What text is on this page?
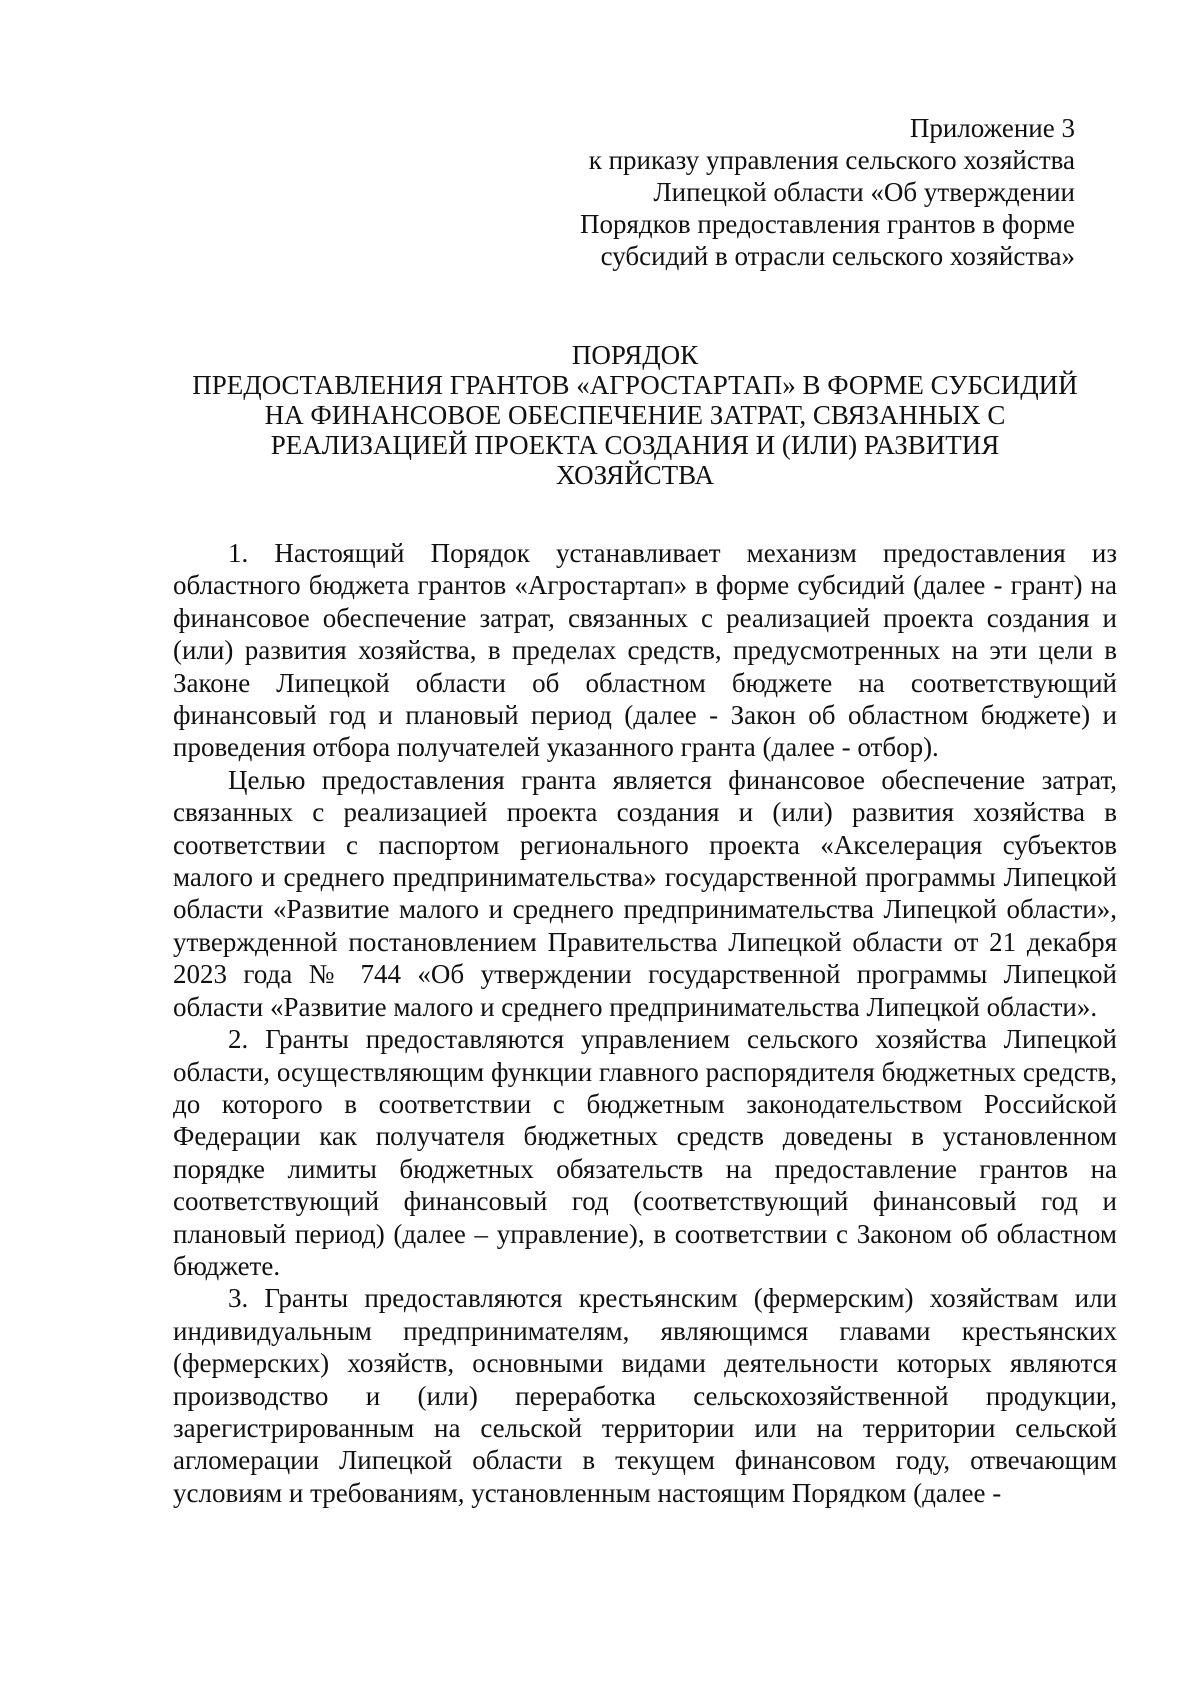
Приложение 3
к приказу управления сельского хозяйства
Липецкой области «Об утверждении
Порядков предоставления грантов в форме
субсидий в отрасли сельского хозяйства»
ПОРЯДОК
ПРЕДОСТАВЛЕНИЯ ГРАНТОВ «АГРОСТАРТАП» В ФОРМЕ СУБСИДИЙ
НА ФИНАНСОВОЕ ОБЕСПЕЧЕНИЕ ЗАТРАТ, СВЯЗАННЫХ С
РЕАЛИЗАЦИЕЙ ПРОЕКТА СОЗДАНИЯ И (ИЛИ) РАЗВИТИЯ
ХОЗЯЙСТВА

1. Настоящий Порядок устанавливает механизм предоставления из областного бюджета грантов «Агростартап» в форме субсидий (далее - грант) на финансовое обеспечение затрат, связанных с реализацией проекта создания и (или) развития хозяйства, в пределах средств, предусмотренных на эти цели в Законе Липецкой области об областном бюджете на соответствующий финансовый год и плановый период (далее - Закон об областном бюджете) и проведения отбора получателей указанного гранта (далее - отбор).

Целью предоставления гранта является финансовое обеспечение затрат, связанных с реализацией проекта создания и (или) развития хозяйства в соответствии с паспортом регионального проекта «Акселерация субъектов малого и среднего предпринимательства» государственной программы Липецкой области «Развитие малого и среднего предпринимательства Липецкой области», утвержденной постановлением Правительства Липецкой области от 21 декабря 2023 года № 744 «Об утверждении государственной программы Липецкой области «Развитие малого и среднего предпринимательства Липецкой области».

2. Гранты предоставляются управлением сельского хозяйства Липецкой области, осуществляющим функции главного распорядителя бюджетных средств, до которого в соответствии с бюджетным законодательством Российской Федерации как получателя бюджетных средств доведены в установленном порядке лимиты бюджетных обязательств на предоставление грантов на соответствующий финансовый год (соответствующий финансовый год и плановый период) (далее – управление), в соответствии с Законом об областном бюджете.

3. Гранты предоставляются крестьянским (фермерским) хозяйствам или индивидуальным предпринимателям, являющимся главами крестьянских (фермерских) хозяйств, основными видами деятельности которых являются производство и (или) переработка сельскохозяйственной продукции, зарегистрированным на сельской территории или на территории сельской агломерации Липецкой области в текущем финансовом году, отвечающим условиям и требованиям, установленным настоящим Порядком (далее -
